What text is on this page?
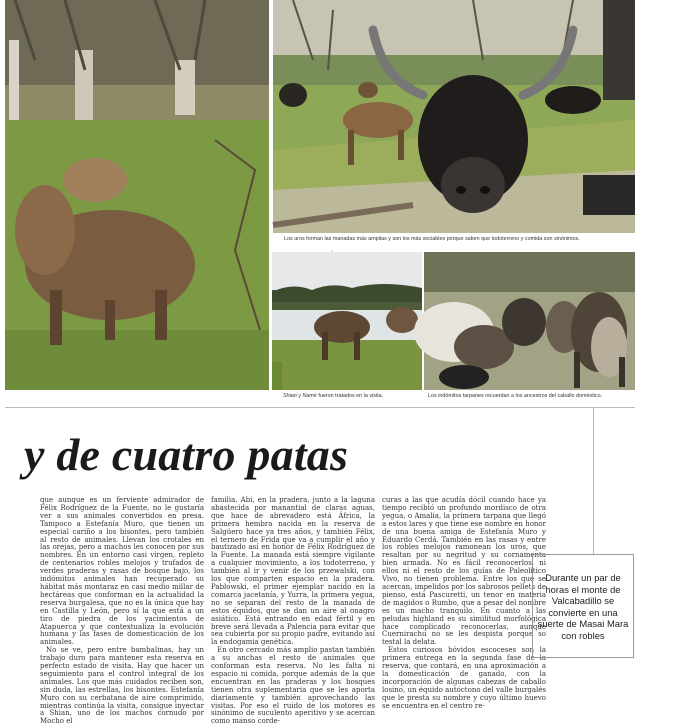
Los uros forman las manadas más amplias y son los más sociables porque saben que todoterreno y comida son sinónimos.
Shian y Namir fueron tratados en la visita.	Los indómitos tarpanes recuerdan a los ancestros del caballo doméstico.
y de cuatro patas

que aunque es un ferviente admirador de Félix Rodríguez de la Fuente, no le gustaría ver a sus animales convertidos en presa. Tampoco a Estefanía Muro, que tienen un especial cariño a los bisontes, pero también al resto de animales. Llevan los crotales en las orejas, pero a machos les conocen por sus nombres. En un entorno casi virgen, repleto de centenarios robles melojos y trufados de verdes praderas y rasas de bosque bajo, los indómitos animales han recuperado su hábitat más montaraz en casi medio millar de hectáreas que conforman en la actualidad la reserva burgalesa, que no es la única que hay en Castilla y León, pero sí la que está a un tiro de piedra de los yacimientos de Atapuerca y que contextualiza la evolución humana y las fases de domesticación de los animales.

No se ve, pero entre bambalinas, hay un trabajo duro para mantener esta reserva en perfecto estado de visita. Hay que hacer un seguimiento para el control integral de los animales. Los que más cuidados reciben son, sin duda, las estrellas, los bisontes. Estefanía Muro con su cerbatana de aire comprimido, mientras continúa la visita, consigue inyectar a Shian, uno de los machos cornudo por Mocho el

familia. Abi, en la pradera, junto a la laguna abastecida por manantial de claras aguas, que hace de abrevadero está África, la primera hembra nacida en la reserva de Salgüero hace ya tres años, y también Félix, el ternero de Frida que va a cumplir el año y bautizado así en honor de Félix Rodríguez de la Fuente. La manada está siempre vigilante a cualquier movimiento, a los todoterreno, y también al ir y venir de los przewalski, con los que comparten espacio en la pradera. Pablowski, el primer ejemplar nacido en la comarca jacetanía, y Yurra, la primera yegua, no se separan del resto de la manada de estos équidos, que se dan un aire al onagro asiático. Está entrando en edad fértil y en breve será llevada a Palencia para evitar que sea cubierta por su propio padre, evitando así la endogamia genética.

En otro cercado más amplio pastan también a su anchas el resto de animales que conforman esta reserva. No les falta ni espacio ni comida, porque además de la que encuentran en las praderas y los bosques tienen otra suplementaria que se les aporta diariamente y también aprovechando las visitas. Por eso el ruido de los motores es sinónimo de suculento aperitivo y se acercan como manso corde-

curas a las que acudía dócil cuando hace ya tiempo recibió un profundo mordisco de otra yegua, o Amalia, la primera tarpana que llegó a estos lares y que tiene ese nombre en honor de una buena amiga de Estefanía Muro y Eduardo Cerdá. También en las rasas y entre los robles melojos ramonean los uros, que resaltan por su negritud y su cornamenta bien armada. No es fácil reconocerlos, ni ellos ni el resto de los guías de Paleolítico Vivo, no tienen problema. Entre los que se acercan, impelidos por los sabrosos pellets de pienso, está Pascuretti, un tenor en materia de magidos o Rumbo, que a pesar del nombre es un macho tranquilo. En cuanto a las peludas highland es su similitud morfológica hace complicado reconocerlas, aunque Cuernirachu no se les despista porque so testal la delata.

Estos curiosos bóvidos escoceses son la primera entrega en la segunda fase de la reserva, que contará, en una aproximación a la domesticación de ganado, con la incorporación de algunas cabezas de caballo losino, un équido autóctono del valle burgalés que le presta su nombre y cuyo último huevo se encuentra en el centro re-

Durante un par de horas el monte de Valcabadillo se convierte en una suerte de Masai Mara con robles
